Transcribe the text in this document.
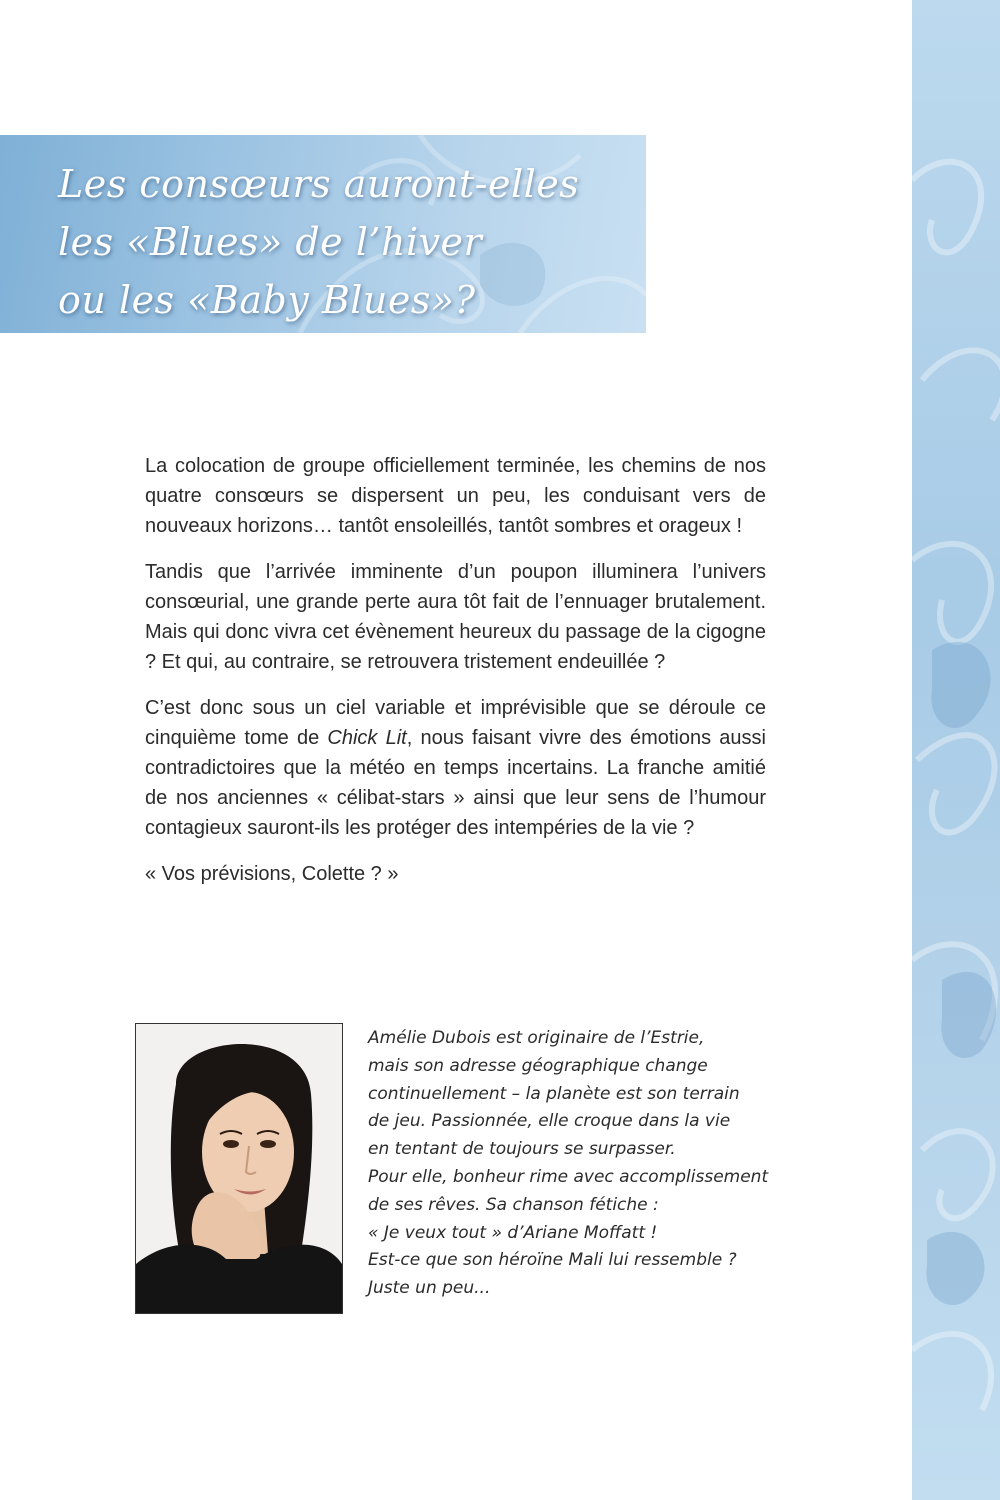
Les consœurs auront-elles
les «Blues» de l’hiver
ou les «Baby Blues»?

La colocation de groupe officiellement terminée, les chemins de nos quatre consœurs se dispersent un peu, les conduisant vers de nouveaux horizons… tantôt ensoleillés, tantôt sombres et orageux !

Tandis que l’arrivée imminente d’un poupon illuminera l’univers consœurial, une grande perte aura tôt fait de l’ennuager brutalement. Mais qui donc vivra cet évènement heureux du passage de la cigogne ? Et qui, au contraire, se retrouvera tristement endeuillée ?

C’est donc sous un ciel variable et imprévisible que se déroule ce cinquième tome de Chick Lit, nous faisant vivre des émotions aussi contradictoires que la météo en temps incertains. La franche amitié de nos anciennes « célibat-stars » ainsi que leur sens de l’humour contagieux sauront-ils les protéger des intempéries de la vie ?

« Vos prévisions, Colette ? »

Amélie Dubois est originaire de l’Estrie,
mais son adresse géographique change
continuellement – la planète est son terrain
de jeu. Passionnée, elle croque dans la vie
en tentant de toujours se surpasser.
Pour elle, bonheur rime avec accomplissement
de ses rêves. Sa chanson fétiche :
« Je veux tout » d’Ariane Moffatt !
Est-ce que son héroïne Mali lui ressemble ?
Juste un peu...
